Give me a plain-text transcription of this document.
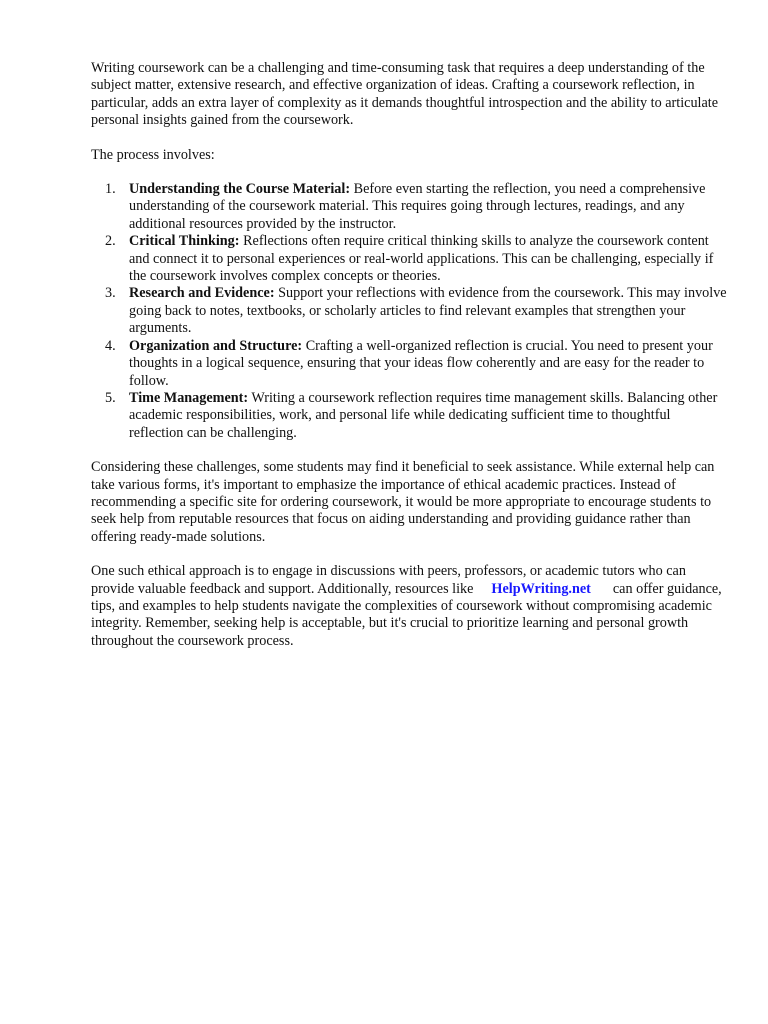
Writing coursework can be a challenging and time-consuming task that requires a deep understanding of the subject matter, extensive research, and effective organization of ideas. Crafting a coursework reflection, in particular, adds an extra layer of complexity as it demands thoughtful introspection and the ability to articulate personal insights gained from the coursework.

The process involves:

1. Understanding the Course Material: Before even starting the reflection, you need a comprehensive understanding of the coursework material. This requires going through lectures, readings, and any additional resources provided by the instructor.
2. Critical Thinking: Reflections often require critical thinking skills to analyze the coursework content and connect it to personal experiences or real-world applications. This can be challenging, especially if the coursework involves complex concepts or theories.
3. Research and Evidence: Support your reflections with evidence from the coursework. This may involve going back to notes, textbooks, or scholarly articles to find relevant examples that strengthen your arguments.
4. Organization and Structure: Crafting a well-organized reflection is crucial. You need to present your thoughts in a logical sequence, ensuring that your ideas flow coherently and are easy for the reader to follow.
5. Time Management: Writing a coursework reflection requires time management skills. Balancing other academic responsibilities, work, and personal life while dedicating sufficient time to thoughtful reflection can be challenging.

Considering these challenges, some students may find it beneficial to seek assistance. While external help can take various forms, it's important to emphasize the importance of ethical academic practices. Instead of recommending a specific site for ordering coursework, it would be more appropriate to encourage students to seek help from reputable resources that focus on aiding understanding and providing guidance rather than offering ready-made solutions.

One such ethical approach is to engage in discussions with peers, professors, or academic tutors who can provide valuable feedback and support. Additionally, resources like HelpWriting.net can offer guidance, tips, and examples to help students navigate the complexities of coursework without compromising academic integrity. Remember, seeking help is acceptable, but it's crucial to prioritize learning and personal growth throughout the coursework process.
